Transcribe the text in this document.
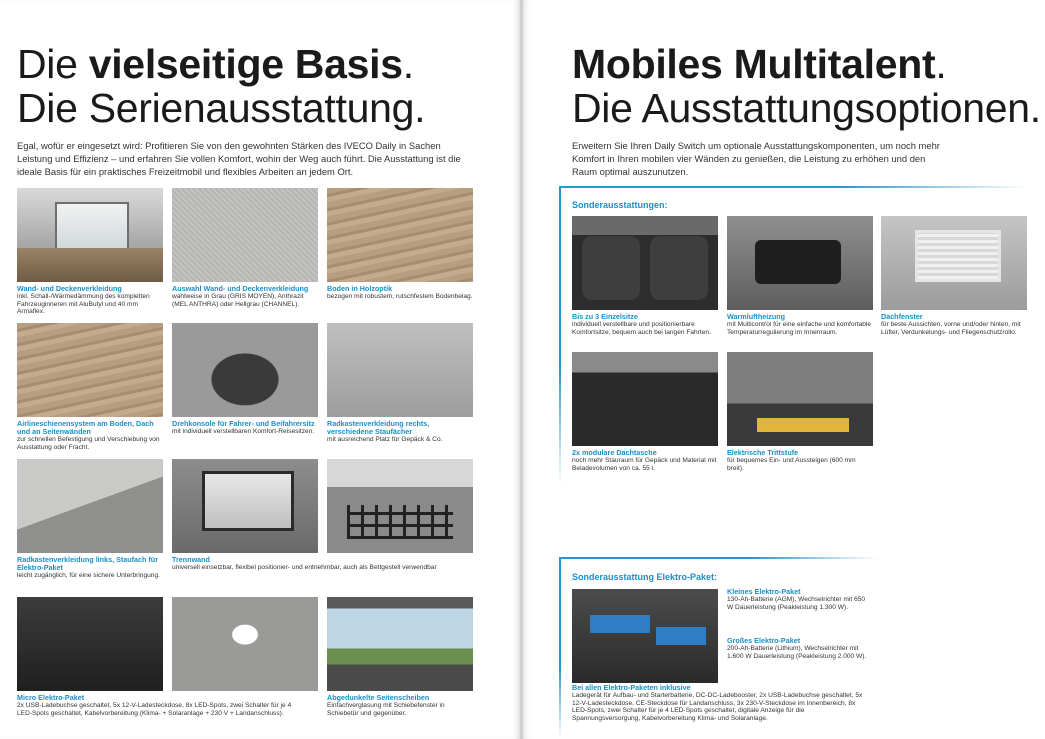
Die vielseitige Basis.
Die Serienausstattung.

Egal, wofür er eingesetzt wird: Profitieren Sie von den gewohnten Stärken des IVECO Daily in Sachen Leistung und Effizienz – und erfahren Sie vollen Komfort, wohin der Weg auch führt. Die Ausstattung ist die ideale Basis für ein praktisches Freizeitmobil und flexibles Arbeiten an jedem Ort.

Wand- und Deckenverkleidung
inkl. Schall-/Wärmedämmung des kompletten Fahrzeuginneren mit AluButyl und 40 mm Armaflex.
Auswahl Wand- und Deckenverkleidung
wahlweise in Grau (GRIS MOYEN), Anthrazit (MEL ANTHRA) oder Hellgrau (CHANNEL).
Boden in Holzoptik
bezogen mit robustem, rutschfestem Bodenbelag.
Airlineschienensystem am Boden, Dach und an Seitenwänden
zur schnellen Befestigung und Verschiebung von Ausstattung oder Fracht.
Drehkonsole für Fahrer- und Beifahrersitz
mit individuell verstellbaren Komfort-Reisesitzen.
Radkastenverkleidung rechts, verschiedene Staufächer
mit ausreichend Platz für Gepäck & Co.
Radkastenverkleidung links, Staufach für Elektro-Paket
leicht zugänglich, für eine sichere Unterbringung.
Trennwand
universell einsetzbar, flexibel positionier- und entnehmbar, auch als Bettgestell verwendbar
Micro Elektro-Paket
2x USB-Ladebuchse geschaltet, 5x 12-V-Ladesteckdose, 8x LED-Spots, zwei Schalter für je 4 LED-Spots geschaltet, Kabelvorbereitung (Klima- + Solaranlage + 230 V + Landanschluss).
Abgedunkelte Seitenscheiben
Einfachverglasung mit Schiebefenster in Schiebetür und gegenüber.
Mobiles Multitalent.
Die Ausstattungsoptionen.

Erweitern Sie Ihren Daily Switch um optionale Ausstattungskomponenten, um noch mehr Komfort in Ihren mobilen vier Wänden zu genießen, die Leistung zu erhöhen und den Raum optimal auszunutzen.

Sonderausstattungen:
Bis zu 3 Einzelsitze
individuell verstellbare und positionierbare Komfortsitze, bequem auch bei langen Fahrten.
Warmluftheizung
mit Multicontrol für eine einfache und komfortable Temperaturregulierung im Innenraum.
Dachfenster
für beste Aussichten, vorne und/oder hinten, mit Lüfter, Verdunkelungs- und Fliegenschutzrollo.
2x modulare Dachtasche
noch mehr Stauraum für Gepäck und Material mit Beladevolumen von ca. 55 l.
Elektrische Trittstufe
für bequemes Ein- und Aussteigen (600 mm breit).
Sonderausstattung Elektro-Paket:
Kleines Elektro-Paket
130-Ah-Batterie (AGM), Wechselrichter mit 650 W Dauerleistung (Peakleistung 1.300 W).
Großes Elektro-Paket
200-Ah-Batterie (Lithium), Wechselrichter mit 1.600 W Dauerleistung (Peakleistung 2.000 W).
Bei allen Elektro-Paketen inklusive
Ladegerät für Aufbau- und Starterbatterie, DC-DC-Ladebooster, 2x USB-Ladebuchse geschaltet, 5x 12-V-Ladesteckdose, CE-Steckdose für Landanschluss, 3x 230-V-Steckdose im Innenbereich, 8x LED-Spots, zwei Schalter für je 4 LED-Spots geschaltet, digitale Anzeige für die Spannungsversorgung, Kabelvorbereitung Klima- und Solaranlage.
